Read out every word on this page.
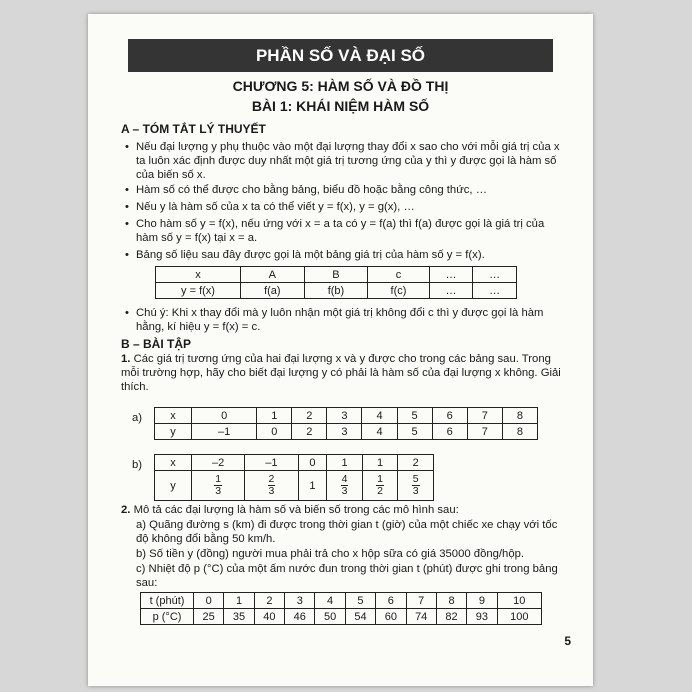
PHẦN SỐ VÀ ĐẠI SỐ
CHƯƠNG 5: HÀM SỐ VÀ ĐỒ THỊ
BÀI 1: KHÁI NIỆM HÀM SỐ
A – TÓM TẮT LÝ THUYẾT
• Nếu đại lượng y phụ thuộc vào một đại lượng thay đổi x sao cho với mỗi giá trị của x ta luôn xác định được duy nhất một giá trị tương ứng của y thì y được gọi là hàm số của biến số x.
• Hàm số có thể được cho bằng bảng, biểu đồ hoặc bằng công thức, …
• Nếu y là hàm số của x ta có thể viết y = f(x), y = g(x), …
• Cho hàm số y = f(x), nếu ứng với x = a ta có y = f(a) thì f(a) được gọi là giá trị của hàm số y = f(x) tại x = a.
• Bảng số liệu sau đây được gọi là một bảng giá trị của hàm số y = f(x).
x	A	B	c	…	…
y = f(x)	f(a)	f(b)	f(c)	…	…
• Chú ý: Khi x thay đổi mà y luôn nhận một giá trị không đổi c thì y được gọi là hàm hằng, kí hiệu y = f(x) = c.
B – BÀI TẬP
1. Các giá trị tương ứng của hai đại lượng x và y được cho trong các bảng sau. Trong mỗi trường hợp, hãy cho biết đại lượng y có phải là hàm số của đại lượng x không. Giải thích.
a)	x	0	1	2	3	4	5	6	7	8
y	–1	0	2	3	4	5	6	7	8
b)	x	–2	–1	0	1	1	2
y	$\frac{1}{3}$	$\frac{2}{3}$	1	$\frac{4}{3}$	$\frac{1}{2}$	$\frac{5}{3}$
2. Mô tả các đại lượng là hàm số và biến số trong các mô hình sau:
a) Quãng đường s (km) đi được trong thời gian t (giờ) của một chiếc xe chạy với tốc độ không đổi bằng 50 km/h.
b) Số tiền y (đồng) người mua phải trả cho x hộp sữa có giá 35000 đồng/hộp.
c) Nhiệt độ p (°C) của một ấm nước đun trong thời gian t (phút) được ghi trong bảng sau:
t (phút)	0	1	2	3	4	5	6	7	8	9	10
p (°C)	25	35	40	46	50	54	60	74	82	93	100
5
